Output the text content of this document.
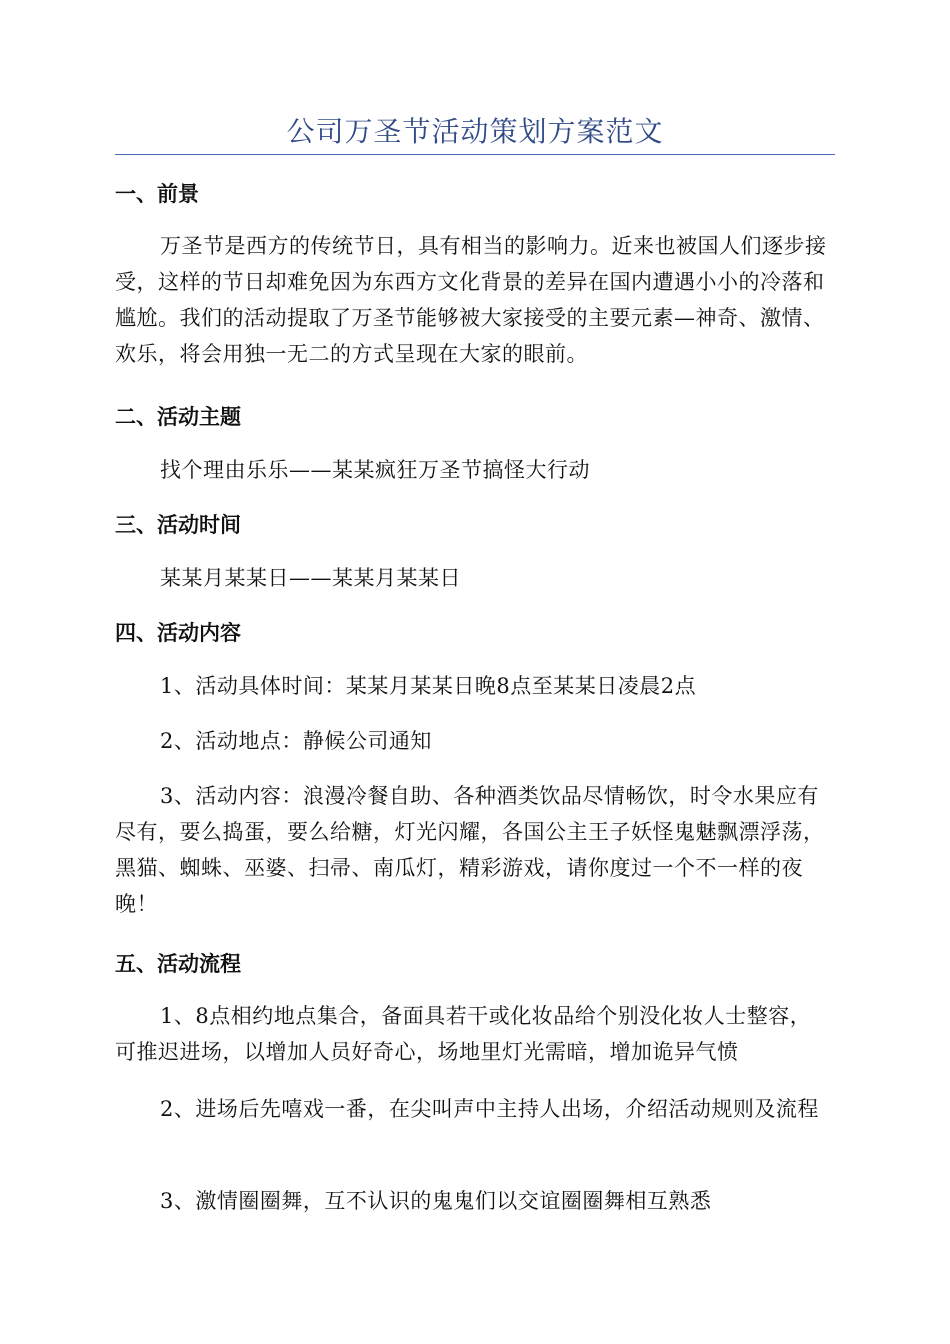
公司万圣节活动策划方案范文
一、前景
万圣节是西方的传统节日，具有相当的影响力。近来也被国人们逐步接受，这样的节日却难免因为东西方文化背景的差异在国内遭遇小小的冷落和尴尬。我们的活动提取了万圣节能够被大家接受的主要元素—神奇、激情、欢乐，将会用独一无二的方式呈现在大家的眼前。
二、活动主题
找个理由乐乐——某某疯狂万圣节搞怪大行动
三、活动时间
某某月某某日——某某月某某日
四、活动内容
1、活动具体时间：某某月某某日晚8点至某某日凌晨2点
2、活动地点：静候公司通知
3、活动内容：浪漫冷餐自助、各种酒类饮品尽情畅饮，时令水果应有尽有，要么捣蛋，要么给糖，灯光闪耀，各国公主王子妖怪鬼魅飘漂浮荡，黑猫、蜘蛛、巫婆、扫帚、南瓜灯，精彩游戏，请你度过一个不一样的夜晚！
五、活动流程
1、8点相约地点集合，备面具若干或化妆品给个别没化妆人士整容，可推迟进场，以增加人员好奇心，场地里灯光需暗，增加诡异气愤
2、进场后先嘻戏一番，在尖叫声中主持人出场，介绍活动规则及流程
3、激情圈圈舞，互不认识的鬼鬼们以交谊圈圈舞相互熟悉
